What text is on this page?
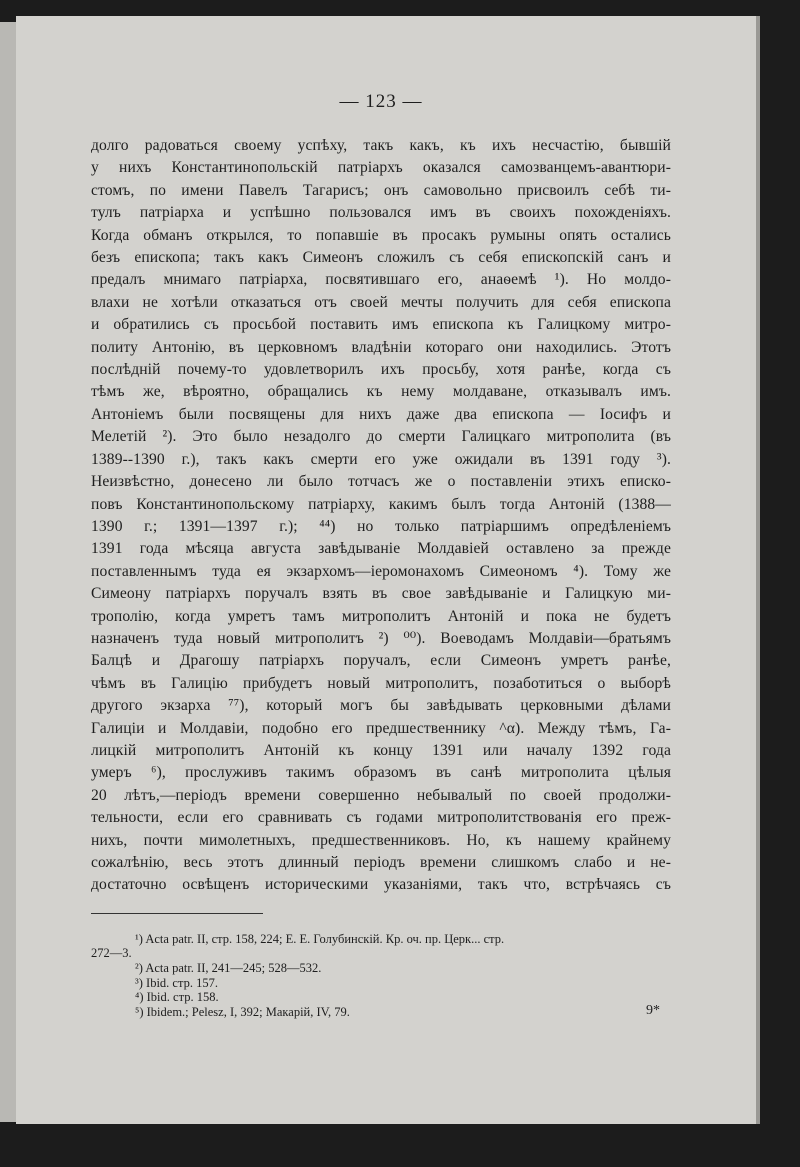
— 123 —
долго радоваться своему успѣху, такъ какъ, къ ихъ несчастію, бывшій
у нихъ Константинопольскій патріархъ оказался самозванцемъ-авантюри-
стомъ, по имени Павелъ Тагарисъ; онъ самовольно присвоилъ себѣ ти-
тулъ патріарха и успѣшно пользовался имъ въ своихъ похожденіяхъ.
Когда обманъ открылся, то попавшіе въ просакъ румыны опять остались
безъ епископа; такъ какъ Симеонъ сложилъ съ себя епископскій санъ и
предалъ мнимаго патріарха, посвятившаго его, анаѳемѣ ¹). Но молдо-
влахи не хотѣли отказаться отъ своей мечты получить для себя епископа
и обратились съ просьбой поставить имъ епископа къ Галицкому митро-
политу Антонію, въ церковномъ владѣніи котораго они находились. Этотъ
послѣдній почему-то удовлетворилъ ихъ просьбу, хотя ранѣе, когда съ
тѣмъ же, вѣроятно, обращались къ нему молдаване, отказывалъ имъ.
Антоніемъ были посвящены для нихъ даже два епископа — Іосифъ и
Мелетій ²). Это было незадолго до смерти Галицкаго митрополита (въ
1389--1390 г.), такъ какъ смерти его уже ожидали въ 1391 году ³).
Неизвѣстно, донесено ли было тотчасъ же о поставленіи этихъ еписко-
повъ Константинопольскому патріарху, какимъ былъ тогда Антоній (1388—
1390 г.; 1391—1397 г.); ⁴⁴) но только патріаршимъ опредѣленіемъ
1391 года мѣсяца августа завѣдываніе Молдавіей оставлено за прежде
поставленнымъ туда ея экзархомъ—іеромонахомъ Симеономъ ⁴). Тому же
Симеону патріархъ поручалъ взять въ свое завѣдываніе и Галицкую ми-
трополію, когда умретъ тамъ митрополитъ Антоній и пока не будетъ
назначенъ туда новый митрополитъ ²) ⁰⁰). Воеводамъ Молдавіи—братьямъ
Балцѣ и Драгошу патріархъ поручалъ, если Симеонъ умретъ ранѣе,
чѣмъ въ Галицію прибудетъ новый митрополитъ, позаботиться о выборѣ
другого экзарха ⁷⁷), который могъ бы завѣдывать церковными дѣлами
Галиціи и Молдавіи, подобно его предшественнику ^α). Между тѣмъ, Га-
лицкій митрополитъ Антоній къ концу 1391 или началу 1392 года
умеръ ⁶), прослуживъ такимъ образомъ въ санѣ митрополита цѣлыя
20 лѣтъ,—періодъ времени совершенно небывалый по своей продолжи-
тельности, если его сравнивать съ годами митрополитствованія его преж-
нихъ, почти мимолетныхъ, предшественниковъ. Но, къ нашему крайнему
сожалѣнію, весь этотъ длинный періодъ времени слишкомъ слабо и не-
достаточно освѣщенъ историческими указаніями, такъ что, встрѣчаясь съ
¹) Acta patr. II, стр. 158, 224; Е. Е. Голубинскій. Кр. оч. пр. Церк... стр.
272—3.
²) Acta patr. II, 241—245; 528—532.
³) Ibid. стр. 157.
⁴) Ibid. стр. 158.
⁵) Ibidem.; Pelesz, I, 392; Макарій, IV, 79.	9*
